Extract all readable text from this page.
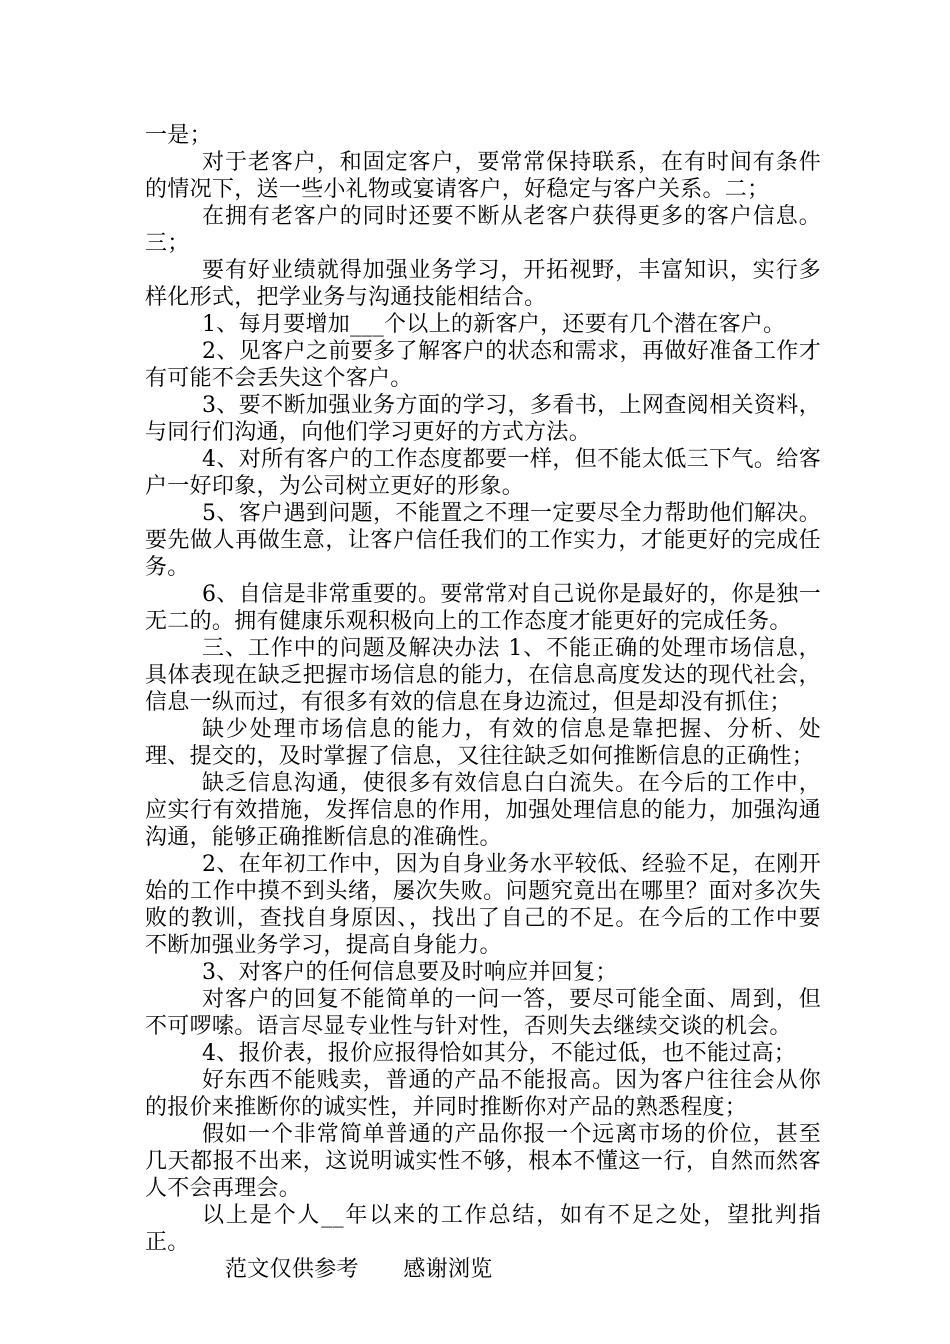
一是；

对于老客户，和固定客户，要常常保持联系，在有时间有条件的情况下，送一些小礼物或宴请客户，好稳定与客户关系。二；

在拥有老客户的同时还要不断从老客户获得更多的客户信息。三；

要有好业绩就得加强业务学习，开拓视野，丰富知识，实行多样化形式，把学业务与沟通技能相结合。

1、每月要增加___个以上的新客户，还要有几个潜在客户。

2、见客户之前要多了解客户的状态和需求，再做好准备工作才有可能不会丢失这个客户。

3、要不断加强业务方面的学习，多看书，上网查阅相关资料，与同行们沟通，向他们学习更好的方式方法。

4、对所有客户的工作态度都要一样，但不能太低三下气。给客户一好印象，为公司树立更好的形象。

5、客户遇到问题，不能置之不理一定要尽全力帮助他们解决。要先做人再做生意，让客户信任我们的工作实力，才能更好的完成任务。

6、自信是非常重要的。要常常对自己说你是最好的，你是独一无二的。拥有健康乐观积极向上的工作态度才能更好的完成任务。

三、工作中的问题及解决办法 1、不能正确的处理市场信息，具体表现在缺乏把握市场信息的能力，在信息高度发达的现代社会，信息一纵而过，有很多有效的信息在身边流过，但是却没有抓住；

缺少处理市场信息的能力，有效的信息是靠把握、分析、处理、提交的，及时掌握了信息，又往往缺乏如何推断信息的正确性；

缺乏信息沟通，使很多有效信息白白流失。在今后的工作中，应实行有效措施，发挥信息的作用，加强处理信息的能力，加强沟通沟通，能够正确推断信息的准确性。

2、在年初工作中，因为自身业务水平较低、经验不足，在刚开始的工作中摸不到头绪，屡次失败。问题究竟出在哪里？面对多次失败的教训，查找自身原因、，找出了自己的不足。在今后的工作中要不断加强业务学习，提高自身能力。

3、对客户的任何信息要及时响应并回复；

对客户的回复不能简单的一问一答，要尽可能全面、周到，但不可啰嗦。语言尽显专业性与针对性，否则失去继续交谈的机会。

4、报价表，报价应报得恰如其分，不能过低，也不能过高；

好东西不能贱卖，普通的产品不能报高。因为客户往往会从你的报价来推断你的诚实性，并同时推断你对产品的熟悉程度；

假如一个非常简单普通的产品你报一个远离市场的价位，甚至几天都报不出来，这说明诚实性不够，根本不懂这一行，自然而然客人不会再理会。

以上是个人__年以来的工作总结，如有不足之处，望批判指正。

范文仅供参考　　感谢浏览
